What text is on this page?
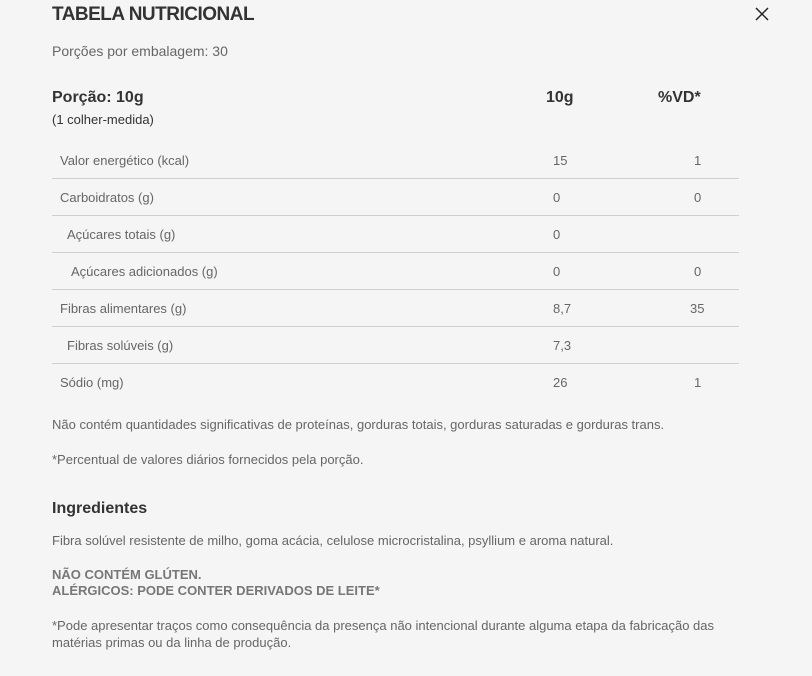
TABELA NUTRICIONAL
Porções por embalagem: 30
Porção: 10g
(1 colher-medida)
10g	%VD*
Valor energético (kcal)	15	1
Carboidratos (g)	0	0
Açúcares totais (g)	0
Açúcares adicionados (g)	0	0
Fibras alimentares (g)	8,7	35
Fibras solúveis (g)	7,3
Sódio (mg)	26	1
Não contém quantidades significativas de proteínas, gorduras totais, gorduras saturadas e gorduras trans.
*Percentual de valores diários fornecidos pela porção.
Ingredientes
Fibra solúvel resistente de milho, goma acácia, celulose microcristalina, psyllium e aroma natural.
NÃO CONTÉM GLÚTEN.
ALÉRGICOS: PODE CONTER DERIVADOS DE LEITE*
*Pode apresentar traços como consequência da presença não intencional durante alguma etapa da fabricação das matérias primas ou da linha de produção.
